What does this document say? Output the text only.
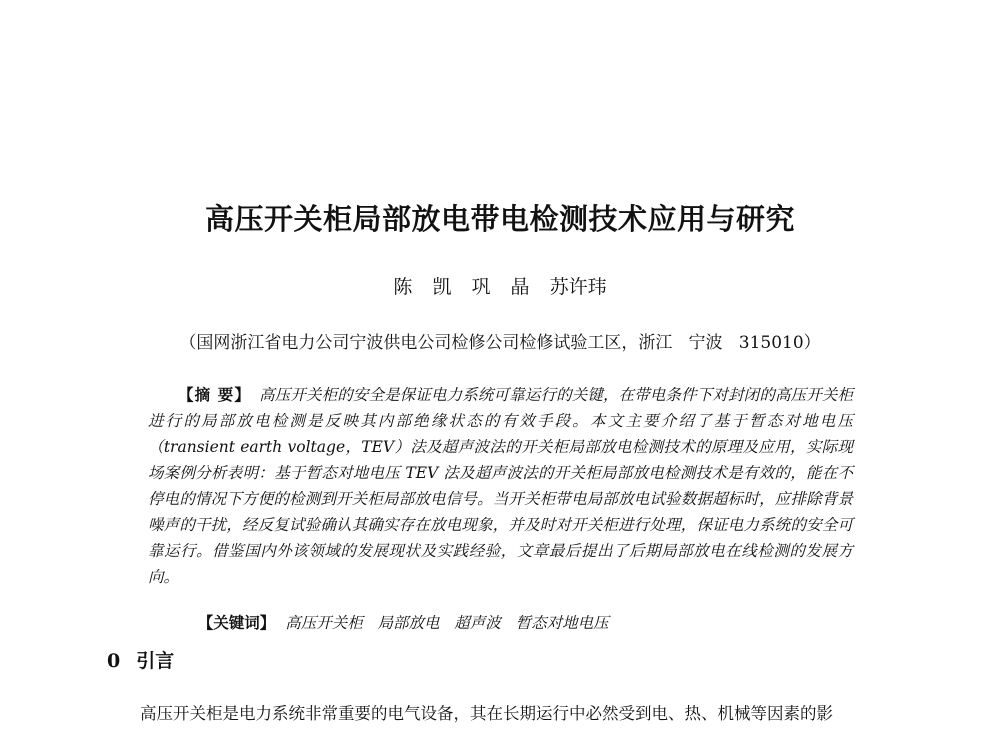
高压开关柜局部放电带电检测技术应用与研究
陈 凯 巩 晶 苏许玮
（国网浙江省电力公司宁波供电公司检修公司检修试验工区，浙江   宁波   315010）
【摘 要】 高压开关柜的安全是保证电力系统可靠运行的关键，在带电条件下对封闭的高压开关柜进行的局部放电检测是反映其内部绝缘状态的有效手段。本文主要介绍了基于暂态对地电压（transient earth voltage，TEV）法及超声波法的开关柜局部放电检测技术的原理及应用，实际现场案例分析表明：基于暂态对地电压 TEV 法及超声波法的开关柜局部放电检测技术是有效的，能在不停电的情况下方便的检测到开关柜局部放电信号。当开关柜带电局部放电试验数据超标时，应排除背景噪声的干扰，经反复试验确认其确实存在放电现象，并及时对开关柜进行处理，保证电力系统的安全可靠运行。借鉴国内外该领域的发展现状及实践经验，文章最后提出了后期局部放电在线检测的发展方向。

【关键词】 高压开关柜   局部放电   超声波   暂态对地电压

0 引言
高压开关柜是电力系统非常重要的电气设备，其在长期运行中必然受到电、热、机械等因素的影
